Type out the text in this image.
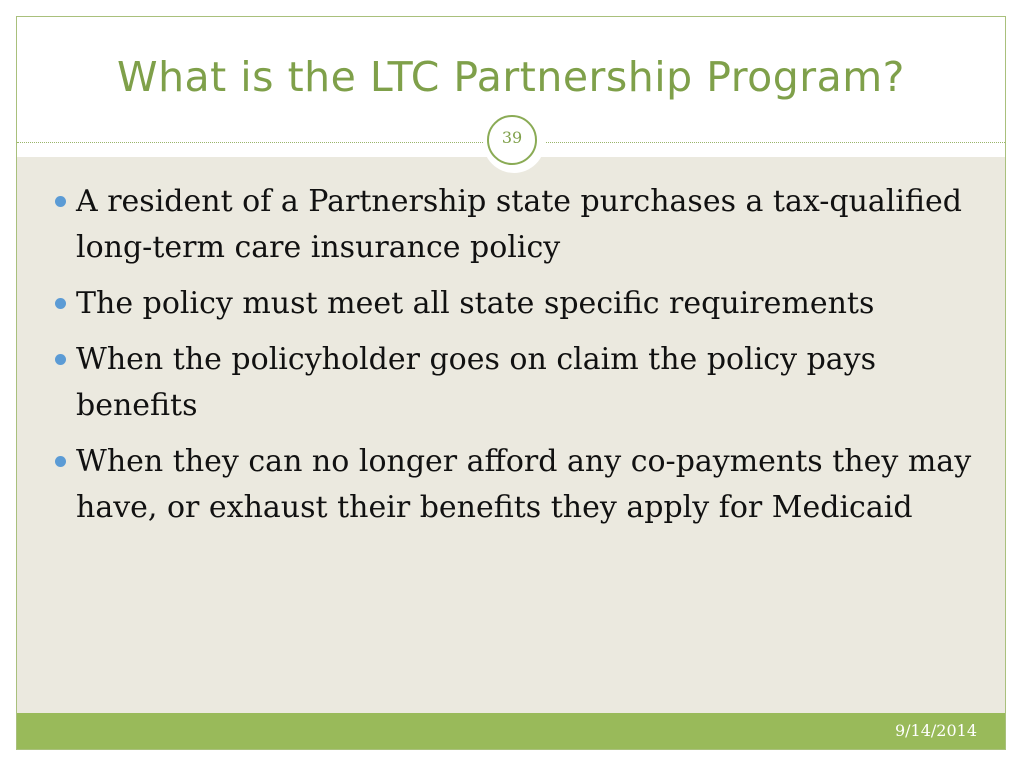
What is the LTC Partnership Program?
39
A resident of a Partnership state purchases a tax-qualified long-term care insurance policy
The policy must meet all state specific requirements
When the policyholder goes on claim the policy pays benefits
When they can no longer afford any co-payments they may have, or exhaust their benefits they apply for Medicaid
9/14/2014
